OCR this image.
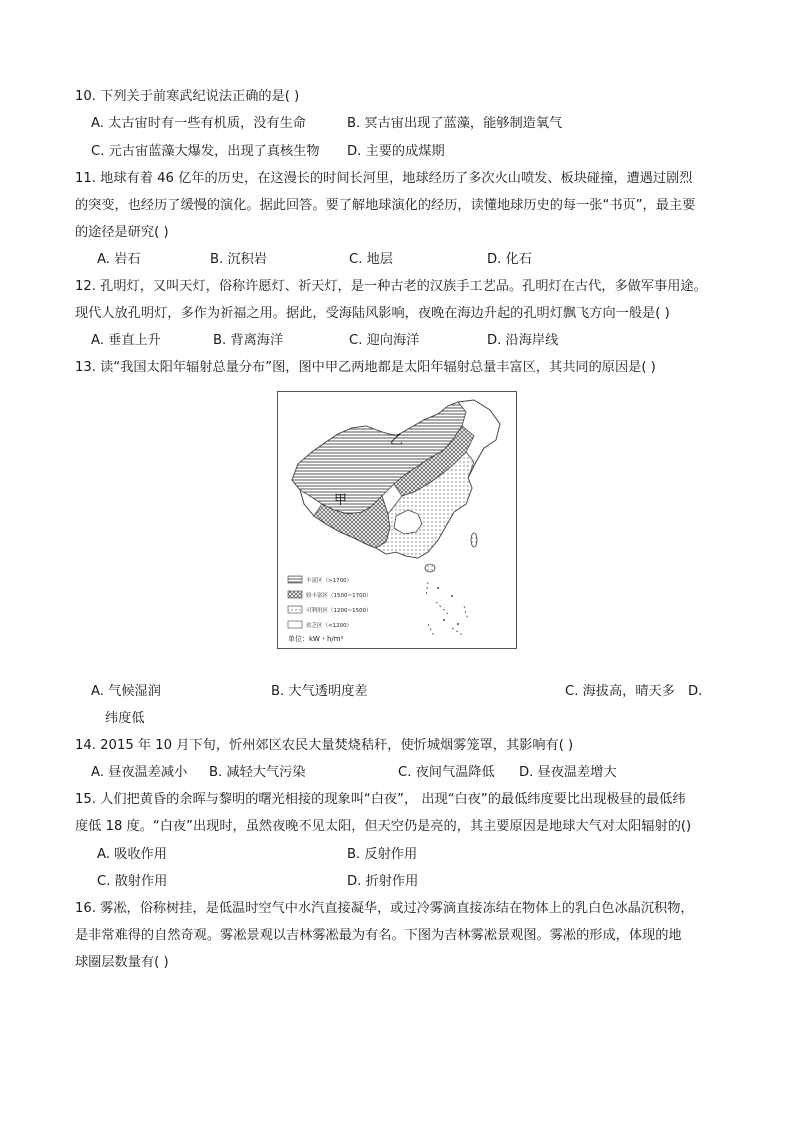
10. 下列关于前寒武纪说法正确的是( )
A. 太古宙时有一些有机质，没有生命	B. 冥古宙出现了蓝藻，能够制造氧气
C. 元古宙蓝藻大爆发，出现了真核生物 D. 主要的成煤期
11. 地球有着 46 亿年的历史，在这漫长的时间长河里，地球经历了多次火山喷发、板块碰撞，遭遇过剧烈
的突变，也经历了缓慢的演化。据此回答。要了解地球演化的经历，读懂地球历史的每一张“书页”，最主要
的途径是研究( )
A. 岩石	B. 沉积岩	C. 地层	D. 化石
12. 孔明灯，又叫天灯，俗称许愿灯、祈天灯，是一种古老的汉族手工艺品。孔明灯在古代，多做军事用途。
现代人放孔明灯，多作为祈福之用。据此，受海陆风影响，夜晚在海边升起的孔明灯飘飞方向一般是( )
A. 垂直上升	B. 背离海洋	C. 迎向海洋	D. 沿海岸线
13. 读“我国太阳年辐射总量分布”图，图中甲乙两地都是太阳年辐射总量丰富区，其共同的原因是( )
甲
乙
丰富区（>1700）
较丰富区（1500~1700）
可利用区（1200~1500）
贫乏区（<1200）
单位：kW・h/m²
A. 气候湿润	B. 大气透明度差	C. 海拔高，晴天多 D.
纬度低
14. 2015 年 10 月下旬，忻州郊区农民大量焚烧秸秆，使忻城烟雾笼罩，其影响有( )
A. 昼夜温差减小 B. 减轻大气污染	C. 夜间气温降低 D. 昼夜温差增大
15. 人们把黄昏的余晖与黎明的曙光相接的现象叫“白夜”， 出现“白夜”的最低纬度要比出现极昼的最低纬
度低 18 度。“白夜”出现时，虽然夜晚不见太阳，但天空仍是亮的，其主要原因是地球大气对太阳辐射的()
A. 吸收作用	B. 反射作用
C. 散射作用	D. 折射作用
16. 雾凇，俗称树挂，是低温时空气中水汽直接凝华，或过冷雾滴直接冻结在物体上的乳白色冰晶沉积物，
是非常难得的自然奇观。雾凇景观以吉林雾凇最为有名。下图为吉林雾凇景观图。雾凇的形成，体现的地
球圈层数量有( )
